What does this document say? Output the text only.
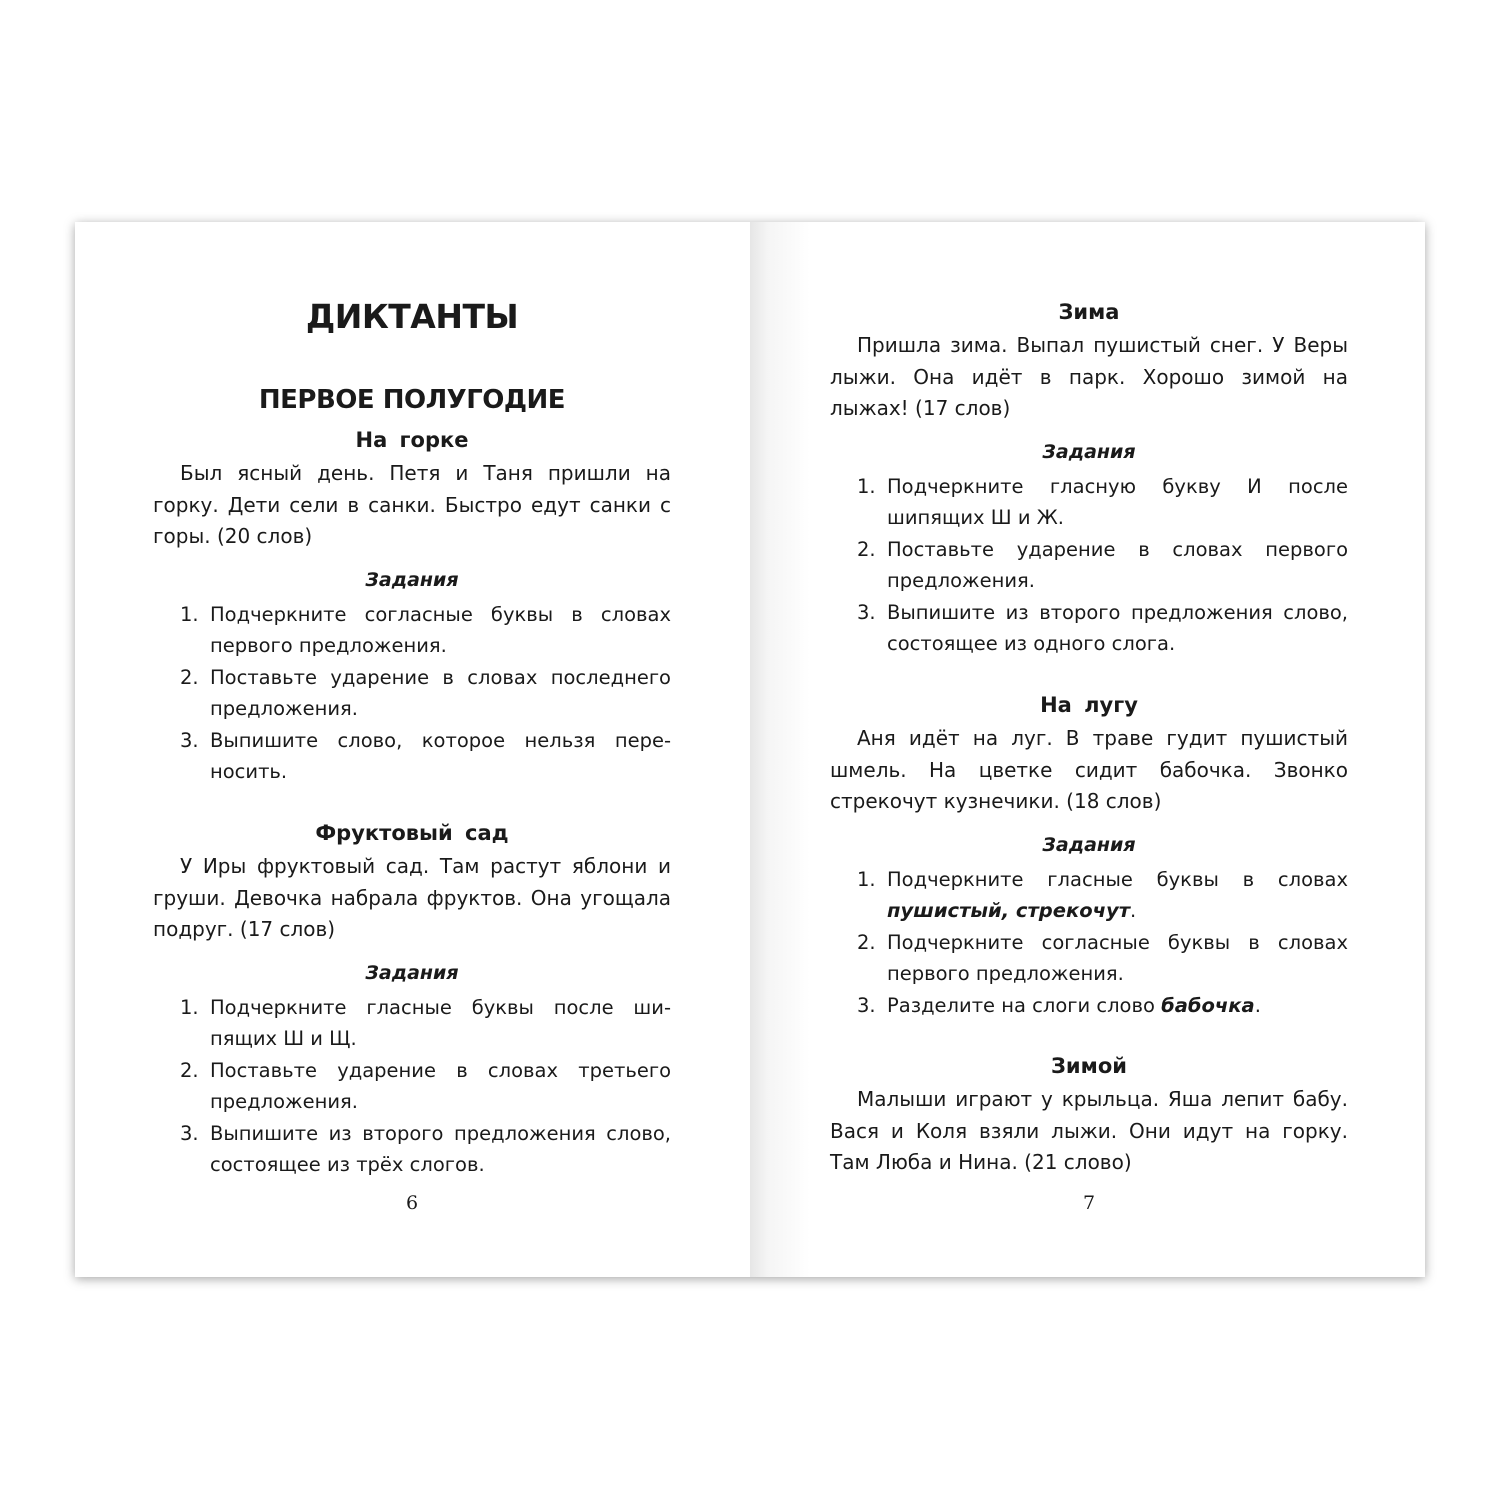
ДИКТАНТЫ
ПЕРВОЕ ПОЛУГОДИЕ

На горке

Был ясный день. Петя и Таня пришли на горку. Дети сели в санки. Быстро едут санки с горы. (20 слов)

Задания

1. Подчеркните согласные буквы в словах первого предложения.
2. Поставьте ударение в словах последнего предложения.
3. Выпишите слово, которое нельзя переносить.

Фруктовый сад

У Иры фруктовый сад. Там растут яблони и груши. Девочка набрала фруктов. Она угощала подруг. (17 слов)

Задания

1. Подчеркните гласные буквы после шипящих Ш и Щ.
2. Поставьте ударение в словах третьего предложения.
3. Выпишите из второго предложения слово, состоящее из трёх слогов.
6

Зима

Пришла зима. Выпал пушистый снег. У Веры лыжи. Она идёт в парк. Хорошо зимой на лыжах! (17 слов)

Задания

1. Подчеркните гласную букву И после шипящих Ш и Ж.
2. Поставьте ударение в словах первого предложения.
3. Выпишите из второго предложения слово, состоящее из одного слога.

На лугу

Аня идёт на луг. В траве гудит пушистый шмель. На цветке сидит бабочка. Звонко стрекочут кузнечики. (18 слов)

Задания

1. Подчеркните гласные буквы в словах пушистый, стрекочут.
2. Подчеркните согласные буквы в словах первого предложения.
3. Разделите на слоги слово бабочка.

Зимой

Малыши играют у крыльца. Яша лепит бабу. Вася и Коля взяли лыжи. Они идут на горку. Там Люба и Нина. (21 слово)

7
